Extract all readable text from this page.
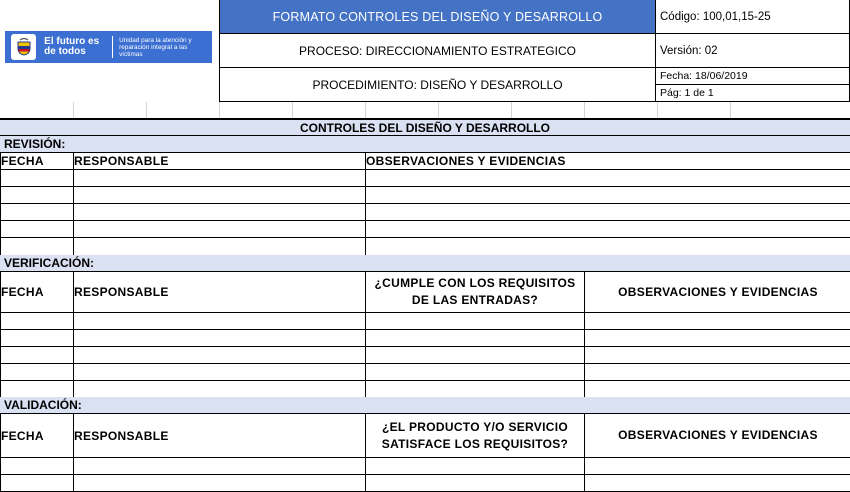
El futuro es de todos
Unidad para la atención y reparación integral a las víctimas
FORMATO CONTROLES DEL DISEÑO Y DESARROLLO
PROCESO: DIRECCIONAMIENTO ESTRATEGICO
PROCEDIMIENTO: DISEÑO Y DESARROLLO
Código: 100,01,15-25
Versión: 02
Fecha: 18/06/2019
Pág: 1 de 1
CONTROLES DEL DISEÑO Y DESARROLLO
REVISIÓN:
FECHA	RESPONSABLE	OBSERVACIONES Y EVIDENCIAS

VERIFICACIÓN:
FECHA	RESPONSABLE	¿CUMPLE CON LOS REQUISITOS DE LAS ENTRADAS?	OBSERVACIONES Y EVIDENCIAS

VALIDACIÓN:
FECHA	RESPONSABLE	¿EL PRODUCTO Y/O SERVICIO SATISFACE LOS REQUISITOS?	OBSERVACIONES Y EVIDENCIAS
